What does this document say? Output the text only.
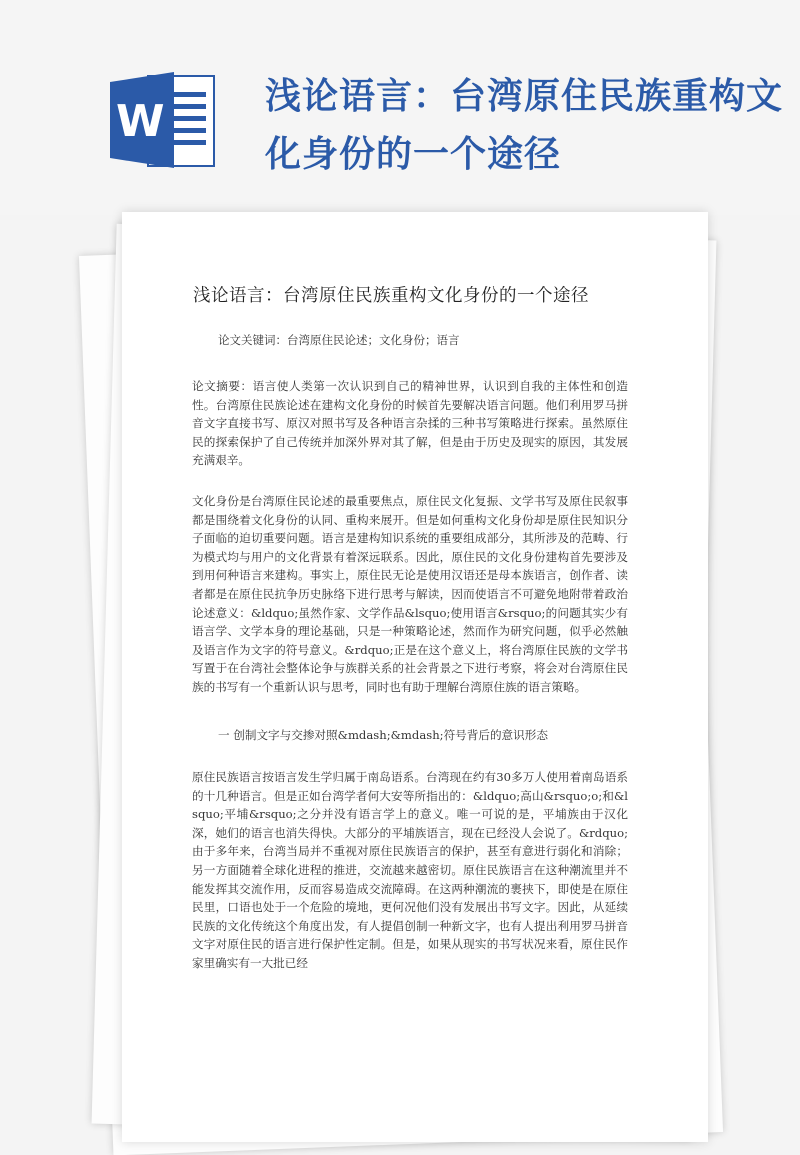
W	浅论语言：台湾原住民族重构文化身份的一个途径
浅论语言：台湾原住民族重构文化身份的一个途径
论文关键词：台湾原住民论述；文化身份；语言
论文摘要：语言使人类第一次认识到自己的精神世界，认识到自我的主体性和创造性。台湾原住民族论述在建构文化身份的时候首先要解决语言问题。他们利用罗马拼音文字直接书写、原汉对照书写及各种语言杂揉的三种书写策略进行探索。虽然原住民的探索保护了自己传统并加深外界对其了解，但是由于历史及现实的原因，其发展充满艰辛。
文化身份是台湾原住民论述的最重要焦点，原住民文化复振、文学书写及原住民叙事都是围绕着文化身份的认同、重构来展开。但是如何重构文化身份却是原住民知识分子面临的迫切重要问题。语言是建构知识系统的重要组成部分，其所涉及的范畴、行为模式均与用户的文化背景有着深远联系。因此，原住民的文化身份建构首先要涉及到用何种语言来建构。事实上，原住民无论是使用汉语还是母本族语言，创作者、读者都是在原住民抗争历史脉络下进行思考与解读，因而使语言不可避免地附带着政治论述意义：&ldquo;虽然作家、文学作品&lsquo;使用语言&rsquo;的问题其实少有语言学、文学本身的理论基础，只是一种策略论述，然而作为研究问题，似乎必然触及语言作为文字的符号意义。&rdquo;正是在这个意义上，将台湾原住民族的文学书写置于在台湾社会整体论争与族群关系的社会背景之下进行考察，将会对台湾原住民族的书写有一个重新认识与思考，同时也有助于理解台湾原住族的语言策略。
一 创制文字与交掺对照&mdash;&mdash;符号背后的意识形态
原住民族语言按语言发生学归属于南岛语系。台湾现在约有30多万人使用着南岛语系的十几种语言。但是正如台湾学者何大安等所指出的：&ldquo;高山&rsquo;o;和&lsquo;平埔&rsquo;之分并没有语言学上的意义。唯一可说的是，平埔族由于汉化深，她们的语言也消失得快。大部分的平埔族语言，现在已经没人会说了。&rdquo;由于多年来，台湾当局并不重视对原住民族语言的保护，甚至有意进行弱化和消除；另一方面随着全球化进程的推进，交流越来越密切。原住民族语言在这种潮流里并不能发挥其交流作用，反而容易造成交流障碍。在这两种潮流的裹挟下，即使是在原住民里，口语也处于一个危险的境地，更何况他们没有发展出书写文字。因此，从延续民族的文化传统这个角度出发，有人提倡创制一种新文字，也有人提出利用罗马拼音文字对原住民的语言进行保护性定制。但是，如果从现实的书写状况来看，原住民作家里确实有一大批已经
